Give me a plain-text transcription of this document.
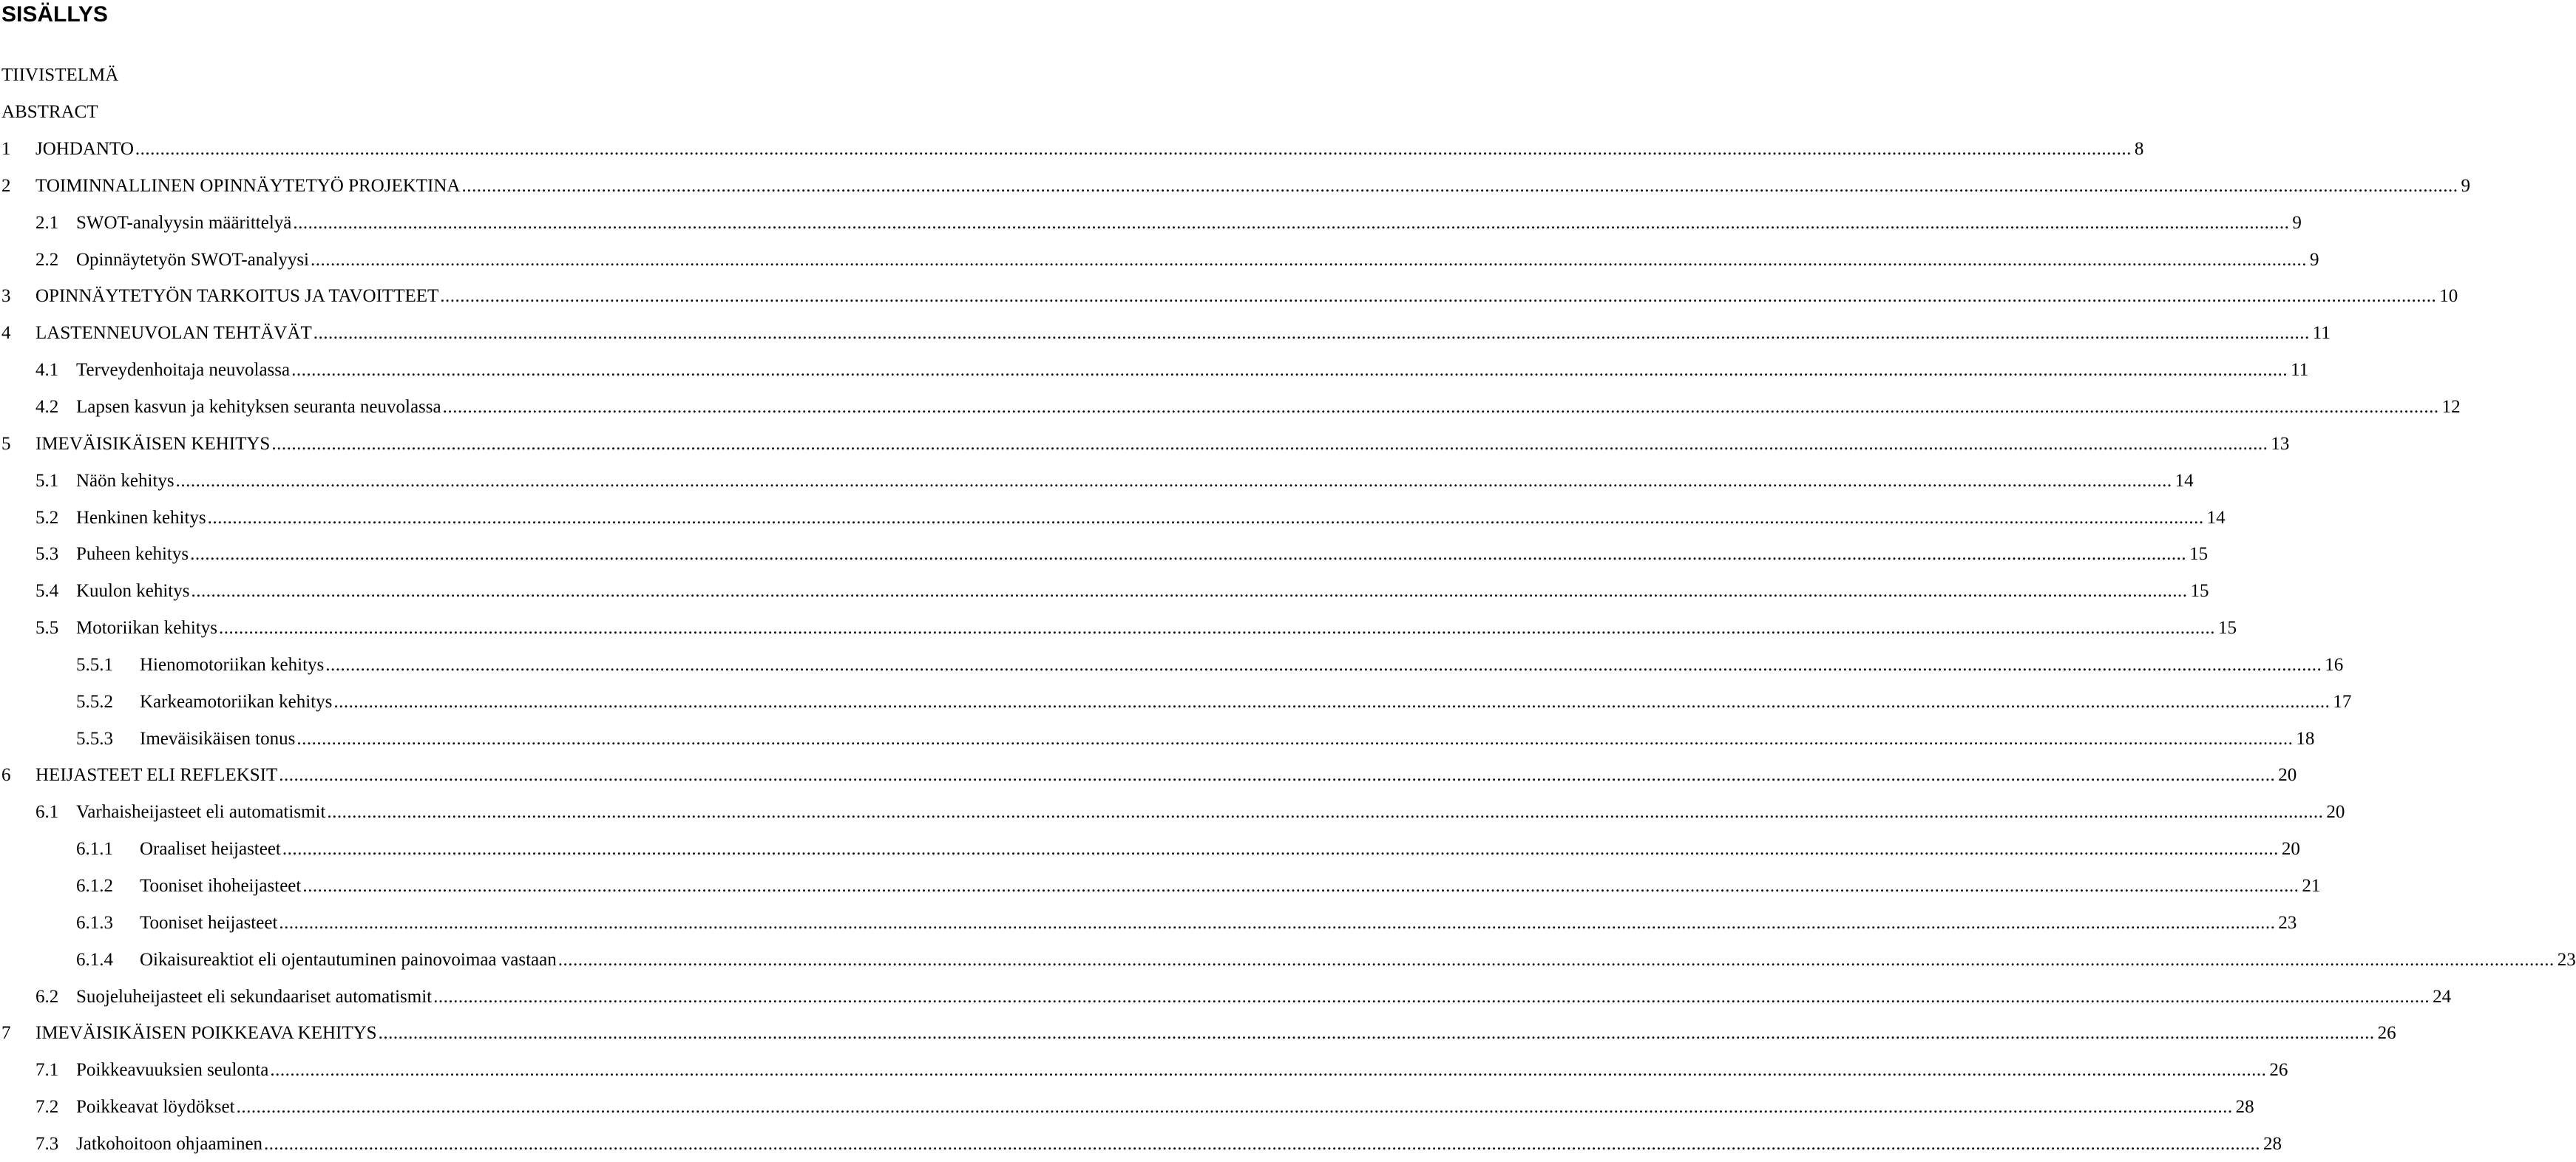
SISÄLLYS
TIIVISTELMÄ
ABSTRACT
1	JOHDANTO ................................................................................................................................................................................................................................................................................................................................................................................................................ 8
2	TOIMINNALLINEN OPINNÄYTETYÖ PROJEKTINA ................................................................................................................................................................................................................................................................................................................................................................................................................ 9
2.1 SWOT-analyysin määrittelyä ................................................................................................................................................................................................................................................................................................................................................................................................................ 9
2.2 Opinnäytetyön SWOT-analyysi ................................................................................................................................................................................................................................................................................................................................................................................................................ 9
3	OPINNÄYTETYÖN TARKOITUS JA TAVOITTEET ................................................................................................................................................................................................................................................................................................................................................................................................................ 10
4	LASTENNEUVOLAN TEHTÄVÄT ................................................................................................................................................................................................................................................................................................................................................................................................................ 11
4.1 Terveydenhoitaja neuvolassa ................................................................................................................................................................................................................................................................................................................................................................................................................ 11
4.2 Lapsen kasvun ja kehityksen seuranta neuvolassa ................................................................................................................................................................................................................................................................................................................................................................................................................ 12
5	IMEVÄISIKÄISEN KEHITYS ................................................................................................................................................................................................................................................................................................................................................................................................................ 13
5.1 Näön kehitys ................................................................................................................................................................................................................................................................................................................................................................................................................ 14
5.2 Henkinen kehitys ................................................................................................................................................................................................................................................................................................................................................................................................................ 14
5.3 Puheen kehitys ................................................................................................................................................................................................................................................................................................................................................................................................................ 15
5.4 Kuulon kehitys ................................................................................................................................................................................................................................................................................................................................................................................................................ 15
5.5 Motoriikan kehitys ................................................................................................................................................................................................................................................................................................................................................................................................................ 15
5.5.1	Hienomotoriikan kehitys ................................................................................................................................................................................................................................................................................................................................................................................................................ 16
5.5.2	Karkeamotoriikan kehitys ................................................................................................................................................................................................................................................................................................................................................................................................................ 17
5.5.3	Imeväisikäisen tonus ................................................................................................................................................................................................................................................................................................................................................................................................................ 18
6	HEIJASTEET ELI REFLEKSIT ................................................................................................................................................................................................................................................................................................................................................................................................................ 20
6.1 Varhaisheijasteet eli automatismit ................................................................................................................................................................................................................................................................................................................................................................................................................ 20
6.1.1	Oraaliset heijasteet ................................................................................................................................................................................................................................................................................................................................................................................................................ 20
6.1.2	Tooniset ihoheijasteet ................................................................................................................................................................................................................................................................................................................................................................................................................ 21
6.1.3	Tooniset heijasteet ................................................................................................................................................................................................................................................................................................................................................................................................................ 23
6.1.4	Oikaisureaktiot eli ojentautuminen painovoimaa vastaan ................................................................................................................................................................................................................................................................................................................................................................................................................ 23
6.2 Suojeluheijasteet eli sekundaariset automatismit ................................................................................................................................................................................................................................................................................................................................................................................................................ 24
7	IMEVÄISIKÄISEN POIKKEAVA KEHITYS ................................................................................................................................................................................................................................................................................................................................................................................................................ 26
7.1 Poikkeavuuksien seulonta ................................................................................................................................................................................................................................................................................................................................................................................................................ 26
7.2 Poikkeavat löydökset ................................................................................................................................................................................................................................................................................................................................................................................................................ 28
7.3 Jatkohoitoon ohjaaminen ................................................................................................................................................................................................................................................................................................................................................................................................................ 28
